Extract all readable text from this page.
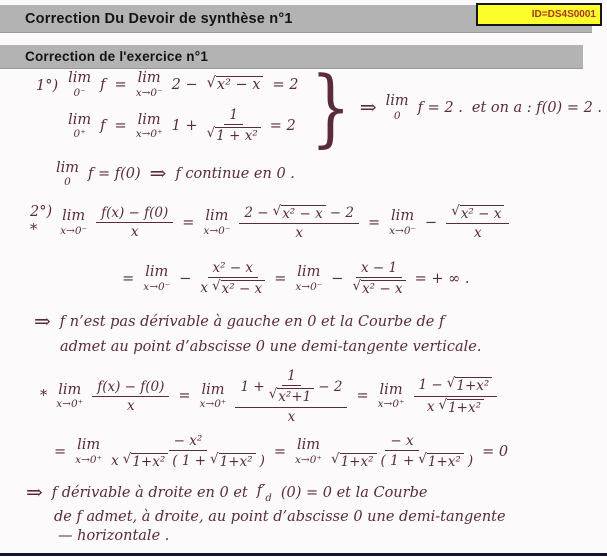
Correction Du Devoir de synthèse n°1	ID=DS4S0001
Correction de l'exercice n°1
1°) lim
0⁻ f = lim
x→0⁻ 2 − √ x² − x = 2
lim
0⁺ f = lim
x→0⁺ $1 + \frac{1}{\text{√ 1 + x²}} = 2$ } ⇒ lim
0 f = 2 . et on a : f(0) = 2 .
lim
0 f = f(0) ⇒ f continue en 0 .
2°)
*
lim
$x\to 0^- \frac{f(x) - f(0)}{x} = \lim$
$x\to 0^- \frac{\text{2 − √ x² − x − 2}}{x} = \lim$
$x\to 0^- - \frac{\text{√ x² − x}}{x}$
= lim
$x\to 0^- - \frac{\text{x² − x}}{\text{x √ x² − x}} = \lim$
$x\to 0^- - \frac{x - 1}{\text{√ x² − x}}$ = + ∞ .
⇒ f n’est pas dérivable à gauche en 0 et la Courbe de f
admet au point d’abscisse 0 une demi-tangente verticale.
* lim
$x\to 0^+ \frac{f(x) - f(0)}{x} = \lim$
$x\to 0^+ \frac{1 + \frac{1}{\text{√ x²+1}} - 2}{x} = \lim$
$x\to 0^+ \frac{\text{1 − √ 1+x²}}{\text{x √ 1+x²}}$
= lim
$x\to 0^+ \frac{\text{− x²}}{\text{x √ 1+x² ( 1 + √ 1+x² )}} = \lim$
$x\to 0^+ \frac{- x}{\text{√ 1+x² ( 1 + √ 1+x² )}} = 0$
⇒ f dérivable à droite en 0 et f′ d (0) = 0 et la Courbe
de f admet, à droite, au point d’abscisse 0 une demi-tangente
— horizontale .
